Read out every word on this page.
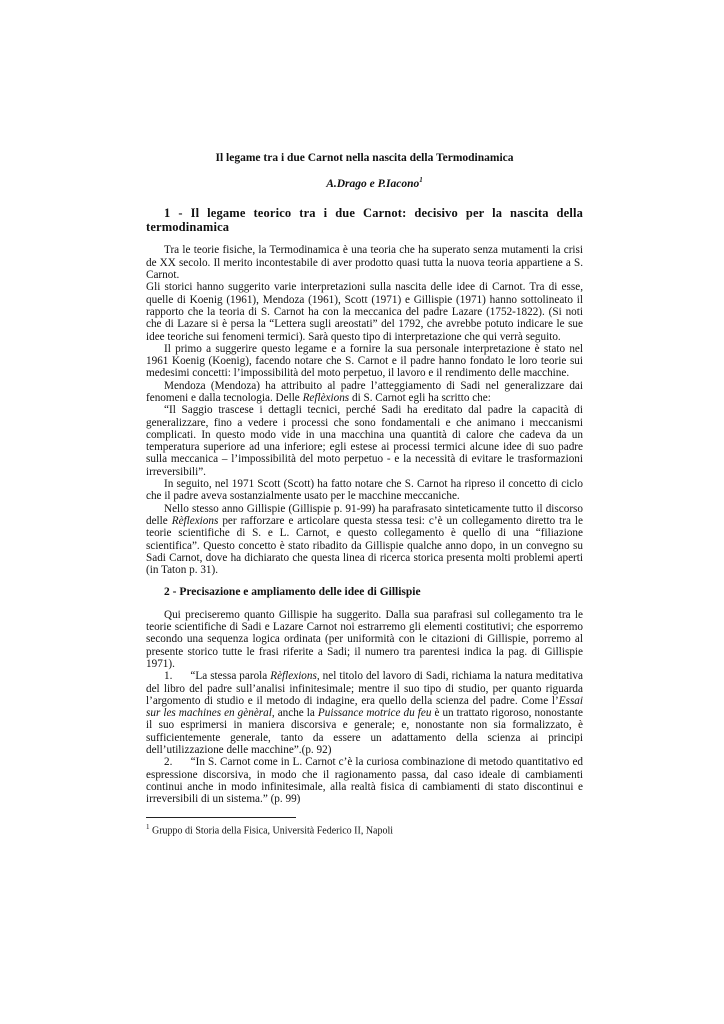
Il legame tra i due Carnot nella nascita della Termodinamica
A.Drago e P.Iacono$^1$
1 - Il legame teorico tra i due Carnot: decisivo per la nascita della termodinamica

Tra le teorie fisiche, la Termodinamica è una teoria che ha superato senza mutamenti la crisi de XX secolo. Il merito incontestabile di aver prodotto quasi tutta la nuova teoria appartiene a S. Carnot.

Gli storici hanno suggerito varie interpretazioni sulla nascita delle idee di Carnot. Tra di esse, quelle di Koenig (1961), Mendoza (1961), Scott (1971) e Gillispie (1971) hanno sottolineato il rapporto che la teoria di S. Carnot ha con la meccanica del padre Lazare (1752-1822). (Si noti che di Lazare si è persa la “Lettera sugli areostati” del 1792, che avrebbe potuto indicare le sue idee teoriche sui fenomeni termici). Sarà questo tipo di interpretazione che qui verrà seguito.

Il primo a suggerire questo legame e a fornire la sua personale interpretazione è stato nel 1961 Koenig (Koenig), facendo notare che S. Carnot e il padre hanno fondato le loro teorie sui medesimi concetti: l’impossibilità del moto perpetuo, il lavoro e il rendimento delle macchine.

Mendoza (Mendoza) ha attribuito al padre l’atteggiamento di Sadi nel generalizzare dai fenomeni e dalla tecnologia. Delle Reflèxions di S. Carnot egli ha scritto che:

“Il Saggio trascese i dettagli tecnici, perché Sadi ha ereditato dal padre la capacità di generalizzare, fino a vedere i processi che sono fondamentali e che animano i meccanismi complicati. In questo modo vide in una macchina una quantità di calore che cadeva da un temperatura superiore ad una inferiore; egli estese ai processi termici alcune idee di suo padre sulla meccanica – l’impossibilità del moto perpetuo - e la necessità di evitare le trasformazioni irreversibili”.

In seguito, nel 1971 Scott (Scott) ha fatto notare che S. Carnot ha ripreso il concetto di ciclo che il padre aveva sostanzialmente usato per le macchine meccaniche.

Nello stesso anno Gillispie (Gillispie p. 91-99) ha parafrasato sinteticamente tutto il discorso delle Rèflexions per rafforzare e articolare questa stessa tesi: c’è un collegamento diretto tra le teorie scientifiche di S. e L. Carnot, e questo collegamento è quello di una “filiazione scientifica”. Questo concetto è stato ribadito da Gillispie qualche anno dopo, in un convegno su Sadi Carnot, dove ha dichiarato che questa linea di ricerca storica presenta molti problemi aperti (in Taton p. 31).

2 - Precisazione e ampliamento delle idee di Gillispie

Qui preciseremo quanto Gillispie ha suggerito. Dalla sua parafrasi sul collegamento tra le teorie scientifiche di Sadi e Lazare Carnot noi estrarremo gli elementi costitutivi; che esporremo secondo una sequenza logica ordinata (per uniformità con le citazioni di Gillispie, porremo al presente storico tutte le frasi riferite a Sadi; il numero tra parentesi indica la pag. di Gillispie 1971).

1. “La stessa parola Rèflexions, nel titolo del lavoro di Sadi, richiama la natura meditativa del libro del padre sull’analisi infinitesimale; mentre il suo tipo di studio, per quanto riguarda l’argomento di studio e il metodo di indagine, era quello della scienza del padre. Come l’Essai sur les machines en gènèral, anche la Puissance motrice du feu è un trattato rigoroso, nonostante il suo esprimersi in maniera discorsiva e generale; e, nonostante non sia formalizzato, è sufficientemente generale, tanto da essere un adattamento della scienza ai principi dell’utilizzazione delle macchine”.(p. 92)

2. “In S. Carnot come in L. Carnot c’è la curiosa combinazione di metodo quantitativo ed espressione discorsiva, in modo che il ragionamento passa, dal caso ideale di cambiamenti continui anche in modo infinitesimale, alla realtà fisica di cambiamenti di stato discontinui e irreversibili di un sistema.” (p. 99)

$^1$ Gruppo di Storia della Fisica, Università Federico II, Napoli
